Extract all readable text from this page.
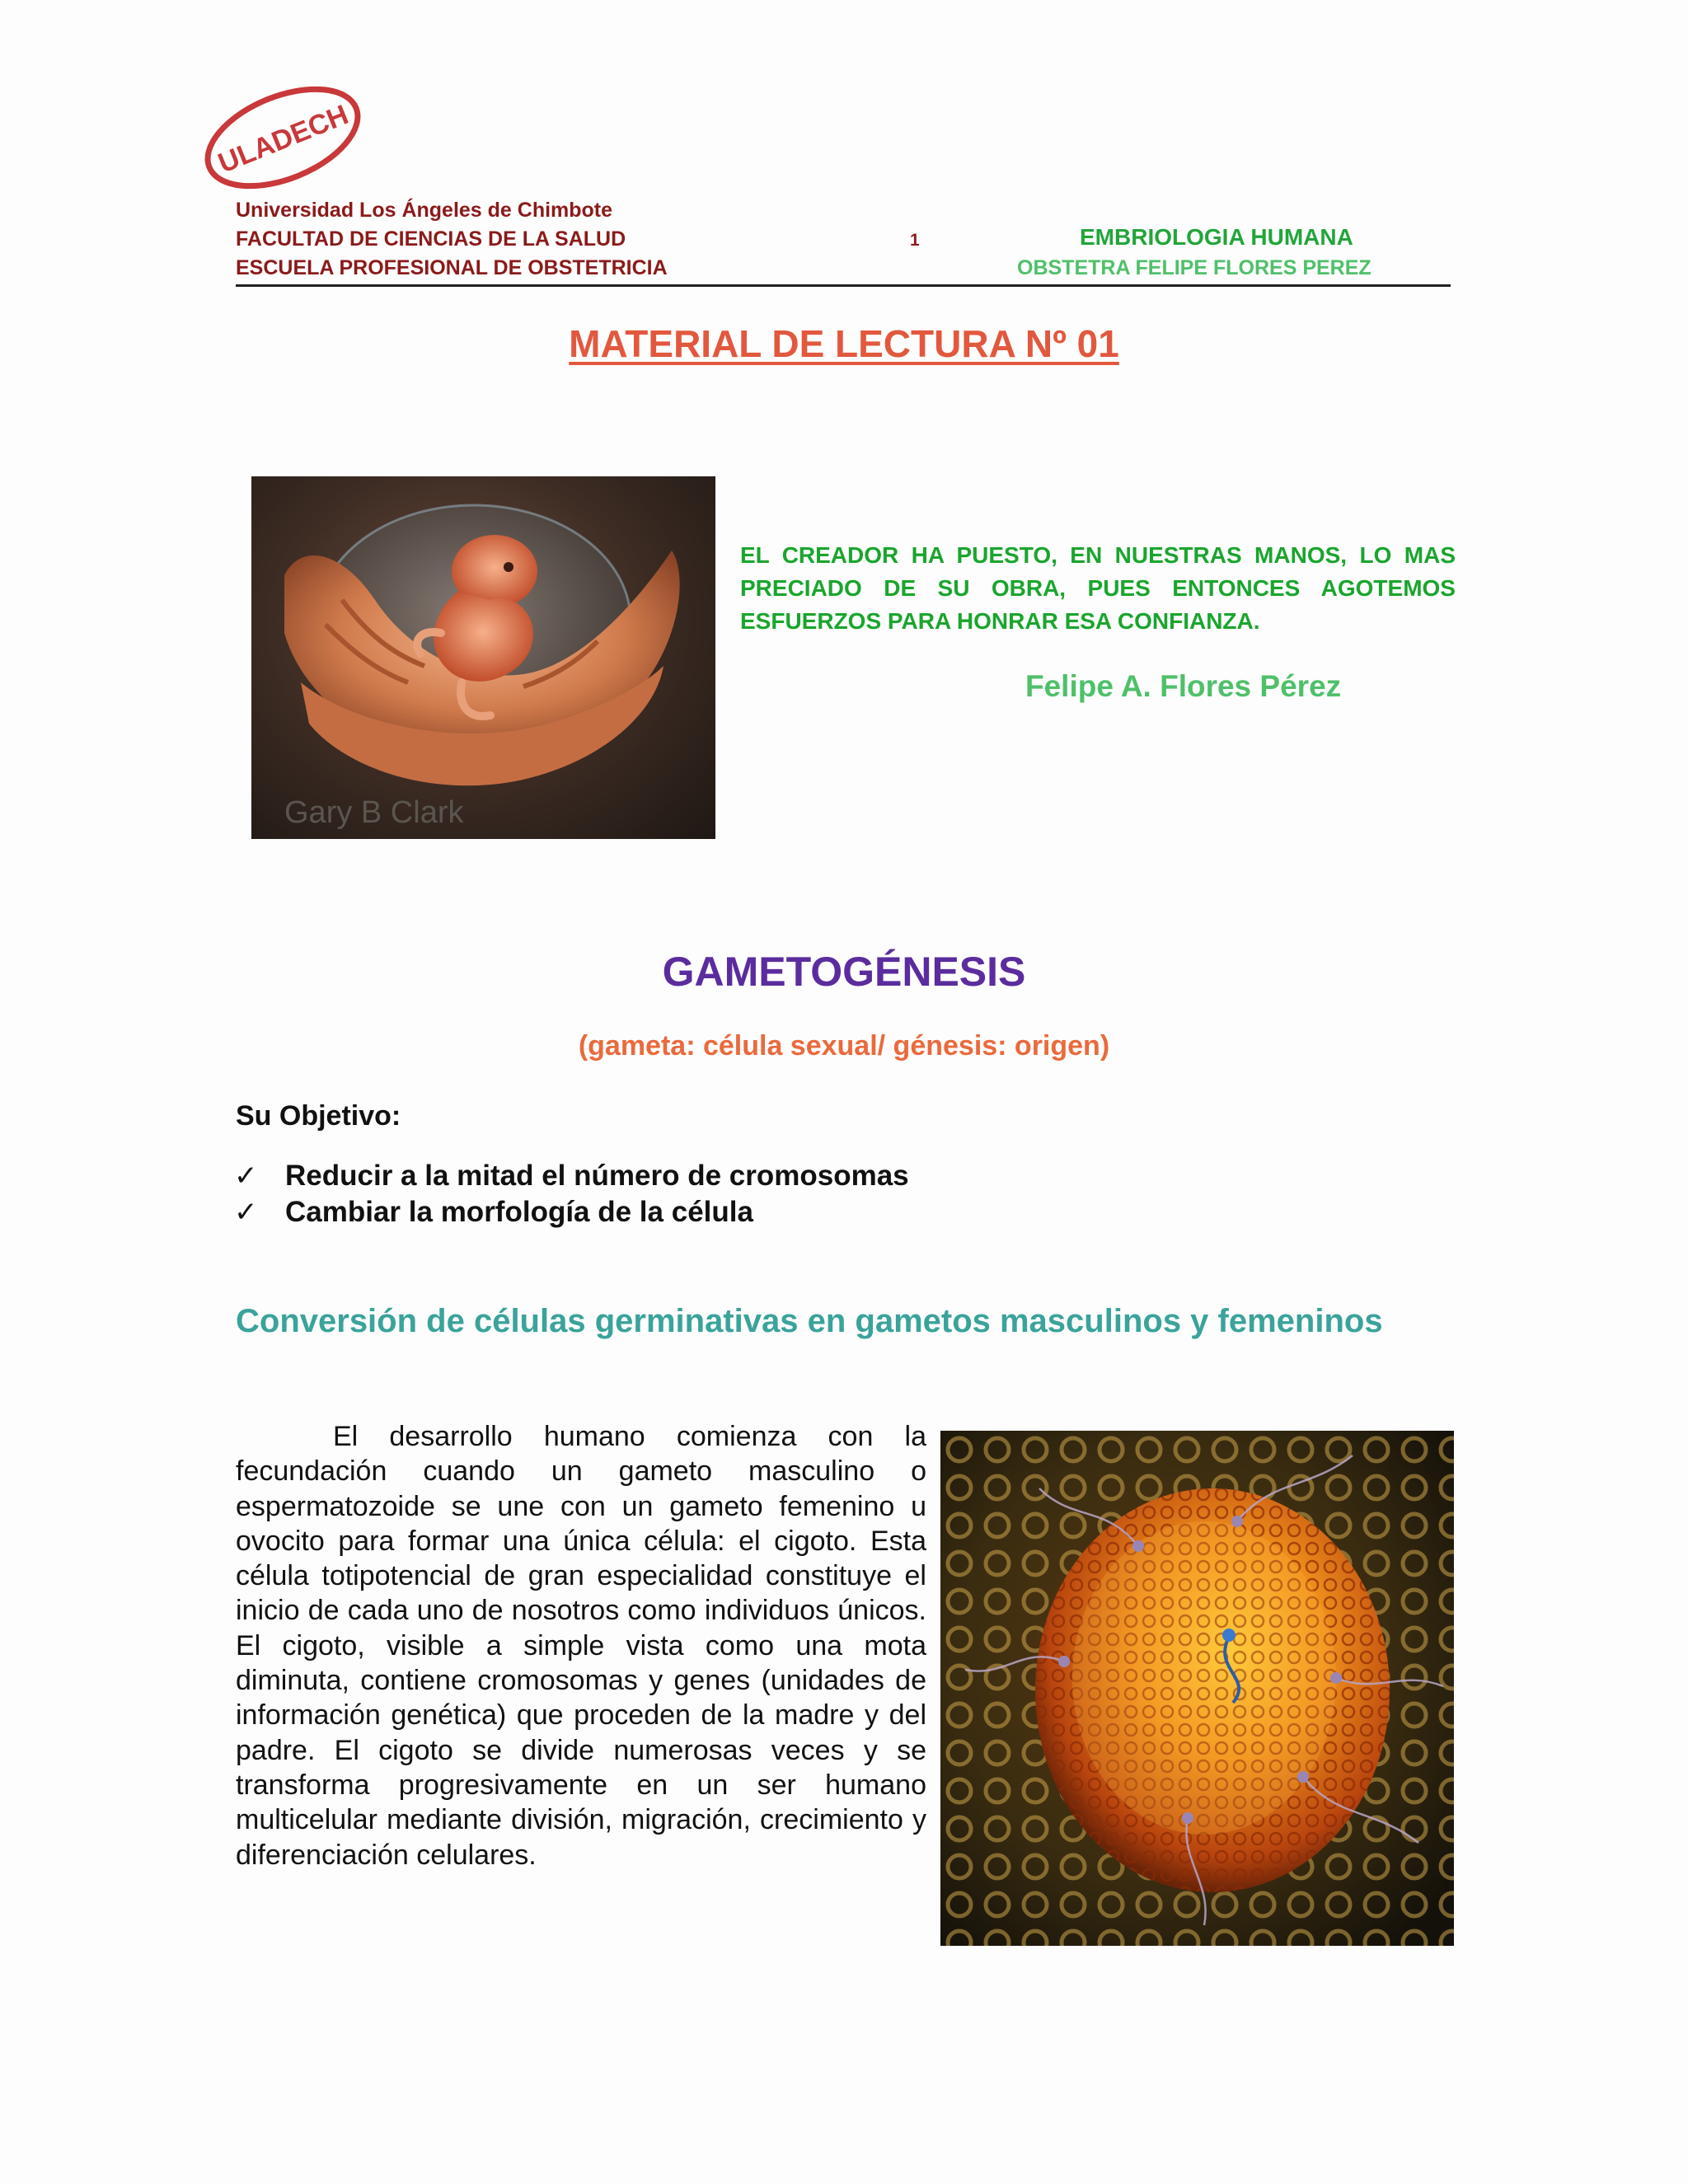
ULADECH
Universidad Los Ángeles de Chimbote
FACULTAD DE CIENCIAS DE LA SALUD
ESCUELA PROFESIONAL DE OBSTETRICIA
1	EMBRIOLOGIA HUMANA
OBSTETRA FELIPE FLORES PEREZ
MATERIAL DE LECTURA Nº 01
Gary B Clark
EL CREADOR HA PUESTO, EN NUESTRAS MANOS, LO MAS PRECIADO DE SU OBRA, PUES ENTONCES AGOTEMOS ESFUERZOS PARA HONRAR ESA CONFIANZA.
Felipe A. Flores Pérez
GAMETOGÉNESIS
(gameta: célula sexual/ génesis: origen)
Su Objetivo:
✓ Reducir a la mitad el número de cromosomas
✓ Cambiar la morfología de la célula
Conversión de células germinativas en gametos masculinos y femeninos

El desarrollo humano comienza con la fecundación cuando un gameto masculino o espermatozoide se une con un gameto femenino u ovocito para formar una única célula: el cigoto. Esta célula totipotencial de gran especialidad constituye el inicio de cada uno de nosotros como individuos únicos. El cigoto, visible a simple vista como una mota diminuta, contiene cromosomas y genes (unidades de información genética) que proceden de la madre y del padre. El cigoto se divide numerosas veces y se transforma progresivamente en un ser humano multicelular mediante división, migración, crecimiento y diferenciación celulares.
